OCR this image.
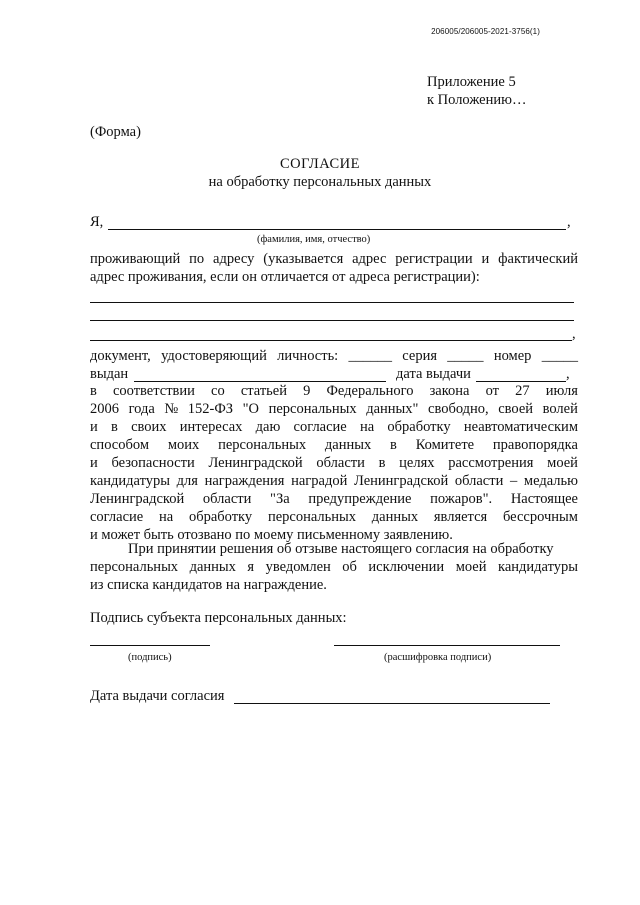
206005/206005-2021-3756(1)
Приложение 5
к Положению…
(Форма)
СОГЛАСИЕ
на обработку персональных данных
Я,	,
(фамилия, имя, отчество)
проживающий по адресу (указывается адрес регистрации и фактический адрес проживания, если он отличается от адреса регистрации):
,
документ, удостоверяющий личность: ______ серия _____ номер _____
выдан	дата выдачи	,
в соответствии со статьей 9 Федерального закона от 27 июля
2006 года № 152-ФЗ "О персональных данных" свободно, своей волей
и в своих интересах даю согласие на обработку неавтоматическим
способом моих персональных данных в Комитете правопорядка
и безопасности Ленинградской области в целях рассмотрения моей
кандидатуры для награждения наградой Ленинградской области – медалью
Ленинградской области "За предупреждение пожаров". Настоящее
согласие на обработку персональных данных является бессрочным
и может быть отозвано по моему письменному заявлению.
При принятии решения об отзыве настоящего согласия на обработку
персональных данных я уведомлен об исключении моей кандидатуры
из списка кандидатов на награждение.
Подпись субъекта персональных данных:
(подпись)	(расшифровка подписи)
Дата выдачи согласия
